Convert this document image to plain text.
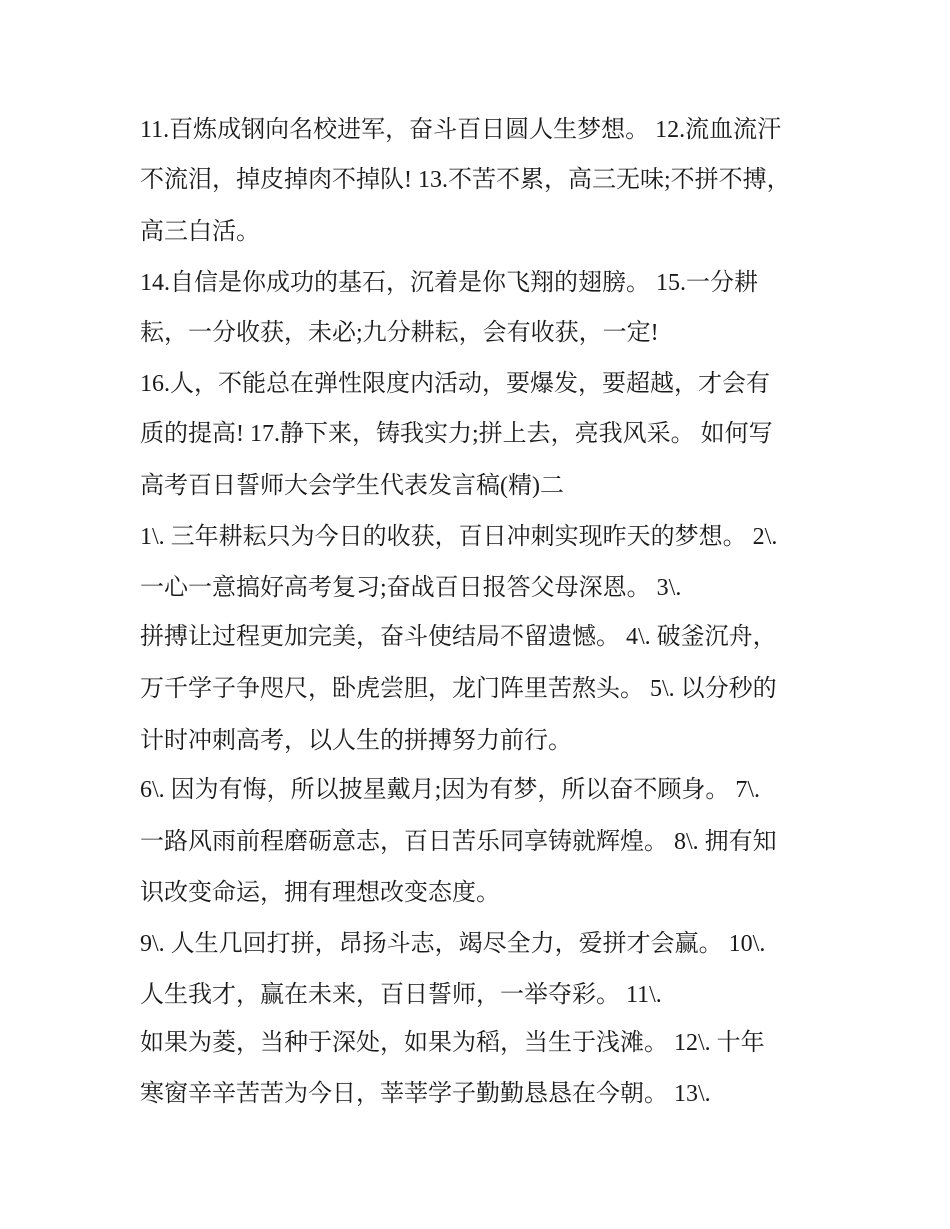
11.百炼成钢向名校进军，奋斗百日圆人生梦想。 12.流血流汗
不流泪，掉皮掉肉不掉队! 13.不苦不累，高三无味;不拼不搏，
高三白活。
14.自信是你成功的基石，沉着是你飞翔的翅膀。 15.一分耕
耘，一分收获，未必;九分耕耘，会有收获，一定!
16.人，不能总在弹性限度内活动，要爆发，要超越，才会有
质的提高! 17.静下来，铸我实力;拼上去，亮我风采。 如何写
高考百日誓师大会学生代表发言稿(精)二
1\. 三年耕耘只为今日的收获，百日冲刺实现昨天的梦想。 2\.
一心一意搞好高考复习;奋战百日报答父母深恩。 3\.
拼搏让过程更加完美，奋斗使结局不留遗憾。 4\. 破釜沉舟，
万千学子争咫尺，卧虎尝胆，龙门阵里苦熬头。 5\. 以分秒的
计时冲刺高考，以人生的拼搏努力前行。
6\. 因为有悔，所以披星戴月;因为有梦，所以奋不顾身。 7\.
一路风雨前程磨砺意志，百日苦乐同享铸就辉煌。 8\. 拥有知
识改变命运，拥有理想改变态度。
9\. 人生几回打拼，昂扬斗志，竭尽全力，爱拼才会赢。 10\.
人生我才，赢在未来，百日誓师，一举夺彩。 11\.
如果为菱，当种于深处，如果为稻，当生于浅滩。 12\. 十年
寒窗辛辛苦苦为今日，莘莘学子勤勤恳恳在今朝。 13\.
